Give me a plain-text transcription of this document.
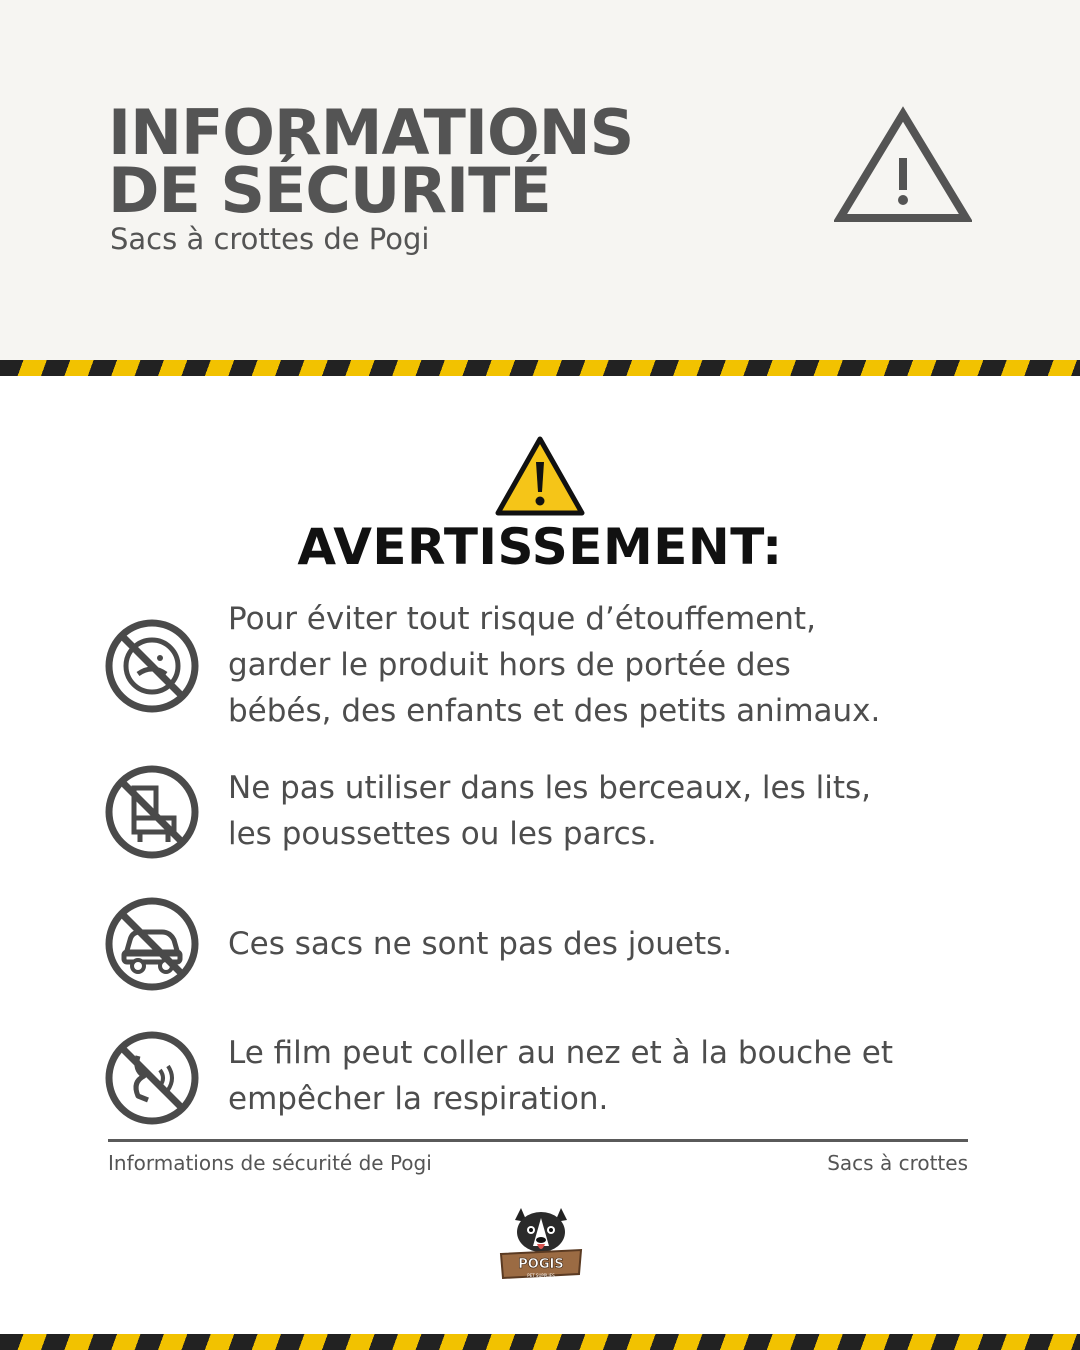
INFORMATIONS
DE SÉCURITÉ
Sacs à crottes de Pogi
AVERTISSEMENT:
Pour éviter tout risque d’étouffement,
garder le produit hors de portée des
bébés, des enfants et des petits animaux.
Ne pas utiliser dans les berceaux, les lits,
les poussettes ou les parcs.
Ces sacs ne sont pas des jouets.
Le film peut coller au nez et à la bouche et
empêcher la respiration.
Informations de sécurité de Pogi	Sacs à crottes
POGIS
PET SUPPLIES
